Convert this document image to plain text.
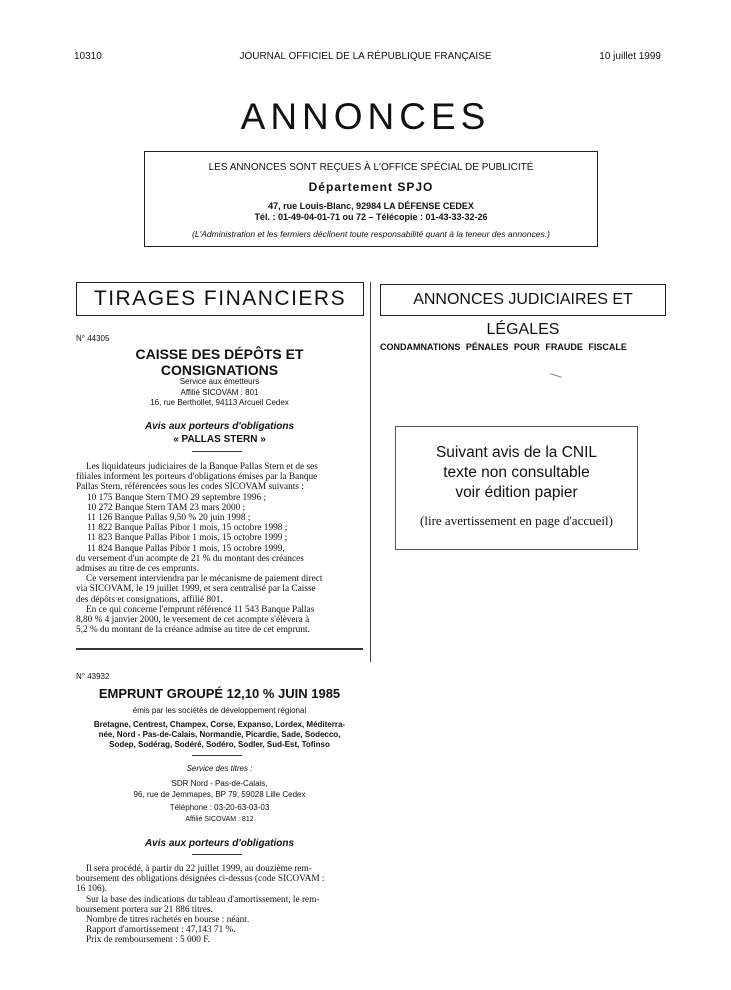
10310	JOURNAL OFFICIEL DE LA RÉPUBLIQUE FRANÇAISE	10 juillet 1999
ANNONCES
LES ANNONCES SONT REÇUES À L'OFFICE SPÉCIAL DE PUBLICITÉ
Département SPJO
47, rue Louis-Blanc, 92984 LA DÉFENSE CEDEX
Tél. : 01-49-04-01-71 ou 72 – Télécopie : 01-43-33-32-26
(L'Administration et les fermiers déclinent toute responsabilité quant à la teneur des annonces.)
TIRAGES FINANCIERS	ANNONCES JUDICIAIRES ET LÉGALES
N° 44305
CAISSE DES DÉPÔTS ET CONSIGNATIONS
Service aux émetteurs
Affilié SICOVAM : 801
16, rue Berthollet, 94113 Arcueil Cedex
Avis aux porteurs d'obligations
« PALLAS STERN »
Les liquidateurs judiciaires de la Banque Pallas Stern et de ses
filiales informent les porteurs d'obligations émises par la Banque
Pallas Stern, référencées sous les codes SICOVAM suivants :
10 175 Banque Stern TMO 29 septembre 1996 ;
10 272 Banque Stern TAM 23 mars 2000 ;
11 126 Banque Pallas 9,50 % 20 juin 1998 ;
11 822 Banque Pallas Pibor 1 mois, 15 octobre 1998 ;
11 823 Banque Pallas Pibor 1 mois, 15 octobre 1999 ;
11 824 Banque Pallas Pibor 1 mois, 15 octobre 1999,
du versement d'un acompte de 21 % du montant des créances
admises au titre de ces emprunts.
Ce versement interviendra par le mécanisme de paiement direct
via SICOVAM, le 19 juillet 1999, et sera centralisé par la Caisse
des dépôts et consignations, affilié 801.
En ce qui concerne l'emprunt référencé 11 543 Banque Pallas
8,80 % 4 janvier 2000, le versement de cet acompte s'élèvera à
5,2 % du montant de la créance admise au titre de cet emprunt.
N° 43932
EMPRUNT GROUPÉ 12,10 % JUIN 1985
émis par les sociétés de développement régional
Bretagne, Centrest, Champex, Corse, Expanso, Lordex, Méditerra-
née, Nord - Pas-de-Calais, Normandie, Picardie, Sade, Sodecco,
Sodep, Sodérag, Sodéré, Sodéro, Sodler, Sud-Est, Tofinso
Service des titres :
SDR Nord - Pas-de-Calais,
96, rue de Jemmapes, BP 79, 59028 Lille Cedex
Téléphone : 03-20-63-03-03
Affilié SICOVAM : 812
Avis aux porteurs d'obligations
Il sera procédé, à partir du 22 juillet 1999, au douzième rem-
boursement des obligations désignées ci-dessus (code SICOVAM :
16 106).
Sur la base des indications du tableau d'amortissement, le rem-
boursement portera sur 21 886 titres.
Nombre de titres rachetés en bourse : néant.
Rapport d'amortissement : 47,143 71 %.
Prix de remboursement : 5 000 F.
CONDAMNATIONS PÉNALES POUR FRAUDE FISCALE
Suivant avis de la CNIL
texte non consultable
voir édition papier
(lire avertissement en page d'accueil)
